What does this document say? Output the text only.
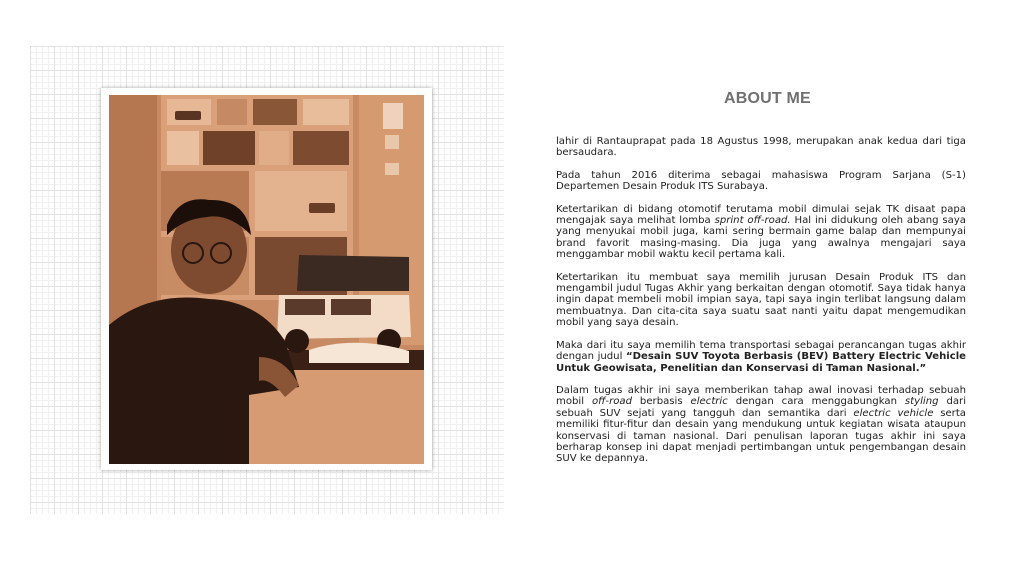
ABOUT ME

lahir di Rantauprapat pada 18 Agustus 1998, merupakan anak kedua dari tiga bersaudara.

Pada tahun 2016 diterima sebagai mahasiswa Program Sarjana (S-1) Departemen Desain Produk ITS Surabaya.

Ketertarikan di bidang otomotif terutama mobil dimulai sejak TK disaat papa mengajak saya melihat lomba sprint off-road. Hal ini didukung oleh abang saya yang menyukai mobil juga, kami sering bermain game balap dan mempunyai brand favorit masing-masing. Dia juga yang awalnya mengajari saya menggambar mobil waktu kecil pertama kali.

Ketertarikan itu membuat saya memilih jurusan Desain Produk ITS dan mengambil judul Tugas Akhir yang berkaitan dengan otomotif. Saya tidak hanya ingin dapat membeli mobil impian saya, tapi saya ingin terlibat langsung dalam membuatnya. Dan cita-cita saya suatu saat nanti yaitu dapat mengemudikan mobil yang saya desain.

Maka dari itu saya memilih tema transportasi sebagai perancangan tugas akhir dengan judul “Desain SUV Toyota Berbasis (BEV) Battery Electric Vehicle Untuk Geowisata, Penelitian dan Konservasi di Taman Nasional.”

Dalam tugas akhir ini saya memberikan tahap awal inovasi terhadap sebuah mobil off-road berbasis electric dengan cara menggabungkan styling dari sebuah SUV sejati yang tangguh dan semantika dari electric vehicle serta memiliki fitur-fitur dan desain yang mendukung untuk kegiatan wisata ataupun konservasi di taman nasional. Dari penulisan laporan tugas akhir ini saya berharap konsep ini dapat menjadi pertimbangan untuk pengembangan desain SUV ke depannya.
